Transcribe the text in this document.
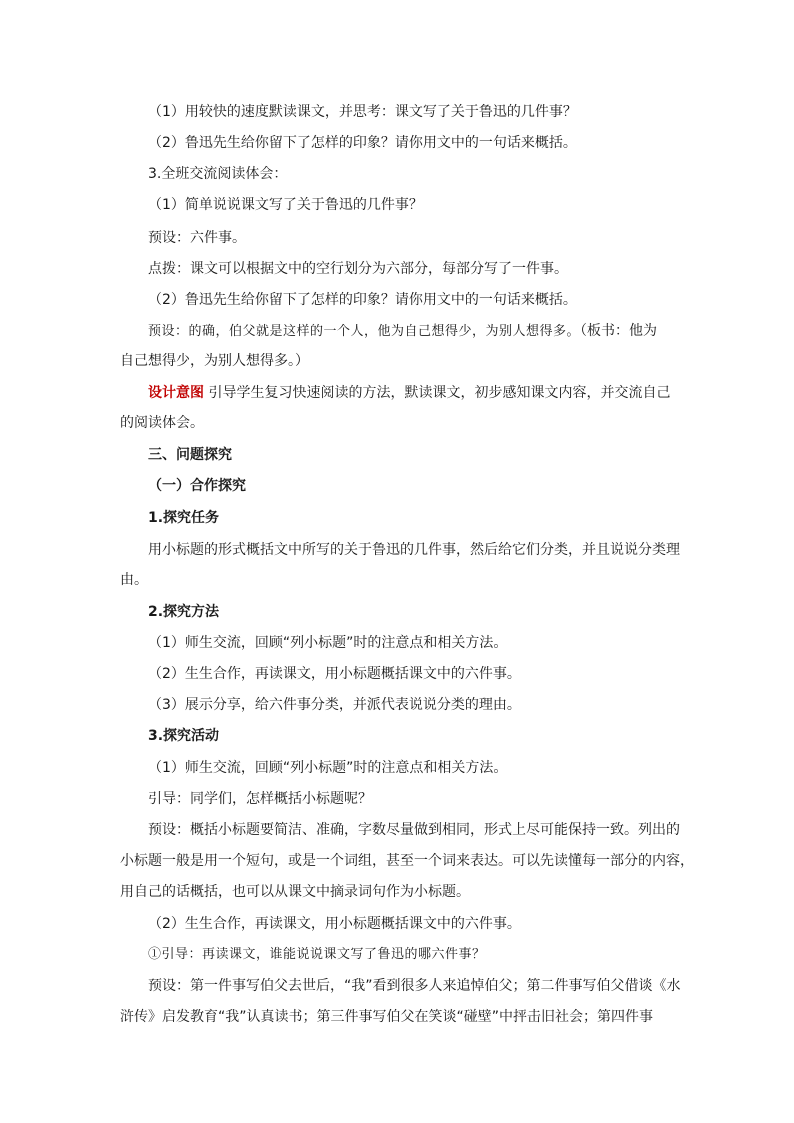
（1）用较快的速度默读课文，并思考：课文写了关于鲁迅的几件事？
（2）鲁迅先生给你留下了怎样的印象？请你用文中的一句话来概括。
3.全班交流阅读体会：
（1）简单说说课文写了关于鲁迅的几件事？
预设：六件事。
点拨：课文可以根据文中的空行划分为六部分，每部分写了一件事。
（2）鲁迅先生给你留下了怎样的印象？请你用文中的一句话来概括。
预设：的确，伯父就是这样的一个人，他为自己想得少，为别人想得多。（板书：他为
自己想得少，为别人想得多。）
设计意图 引导学生复习快速阅读的方法，默读课文，初步感知课文内容，并交流自己
的阅读体会。
三、问题探究
（一）合作探究
1.探究任务
用小标题的形式概括文中所写的关于鲁迅的几件事，然后给它们分类，并且说说分类理
由。
2.探究方法
（1）师生交流，回顾“列小标题”时的注意点和相关方法。
（2）生生合作，再读课文，用小标题概括课文中的六件事。
（3）展示分享，给六件事分类，并派代表说说分类的理由。
3.探究活动
（1）师生交流，回顾“列小标题”时的注意点和相关方法。
引导：同学们，怎样概括小标题呢？
预设：概括小标题要简洁、准确，字数尽量做到相同，形式上尽可能保持一致。列出的
小标题一般是用一个短句，或是一个词组，甚至一个词来表达。可以先读懂每一部分的内容，
用自己的话概括，也可以从课文中摘录词句作为小标题。
（2）生生合作，再读课文，用小标题概括课文中的六件事。
①引导：再读课文，谁能说说课文写了鲁迅的哪六件事？
预设：第一件事写伯父去世后，“我”看到很多人来追悼伯父；第二件事写伯父借谈《水
浒传》启发教育“我”认真读书；第三件事写伯父在笑谈“碰壁”中抨击旧社会；第四件事
